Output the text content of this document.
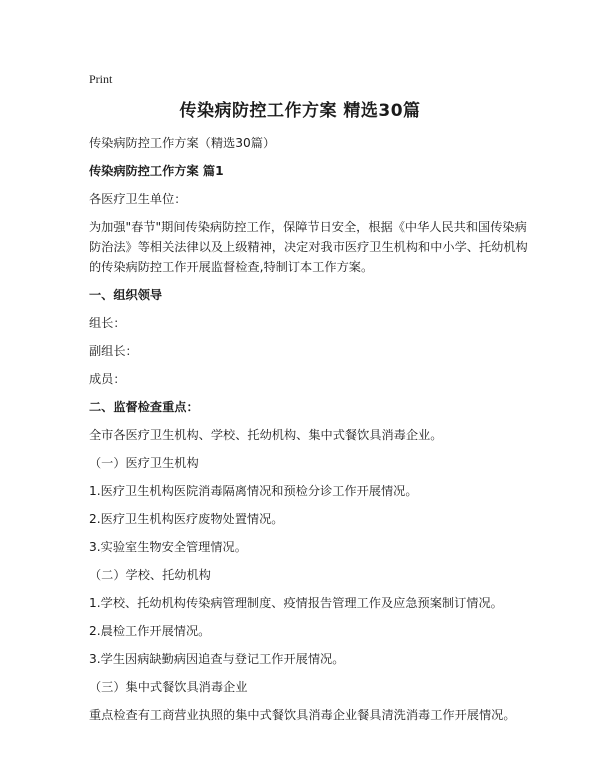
Print
传染病防控工作方案 精选30篇

传染病防控工作方案（精选30篇）

传染病防控工作方案 篇1

各医疗卫生单位：

为加强"春节"期间传染病防控工作，保障节日安全，根据《中华人民共和国传染病防治法》等相关法律以及上级精神，决定对我市医疗卫生机构和中小学、托幼机构的传染病防控工作开展监督检查,特制订本工作方案。

一、组织领导

组长：

副组长：

成员：

二、监督检查重点：

全市各医疗卫生机构、学校、托幼机构、集中式餐饮具消毒企业。

（一）医疗卫生机构

1.医疗卫生机构医院消毒隔离情况和预检分诊工作开展情况。

2.医疗卫生机构医疗废物处置情况。

3.实验室生物安全管理情况。

（二）学校、托幼机构

1.学校、托幼机构传染病管理制度、疫情报告管理工作及应急预案制订情况。

2.晨检工作开展情况。

3.学生因病缺勤病因追查与登记工作开展情况。

（三）集中式餐饮具消毒企业

重点检查有工商营业执照的集中式餐饮具消毒企业餐具清洗消毒工作开展情况。
